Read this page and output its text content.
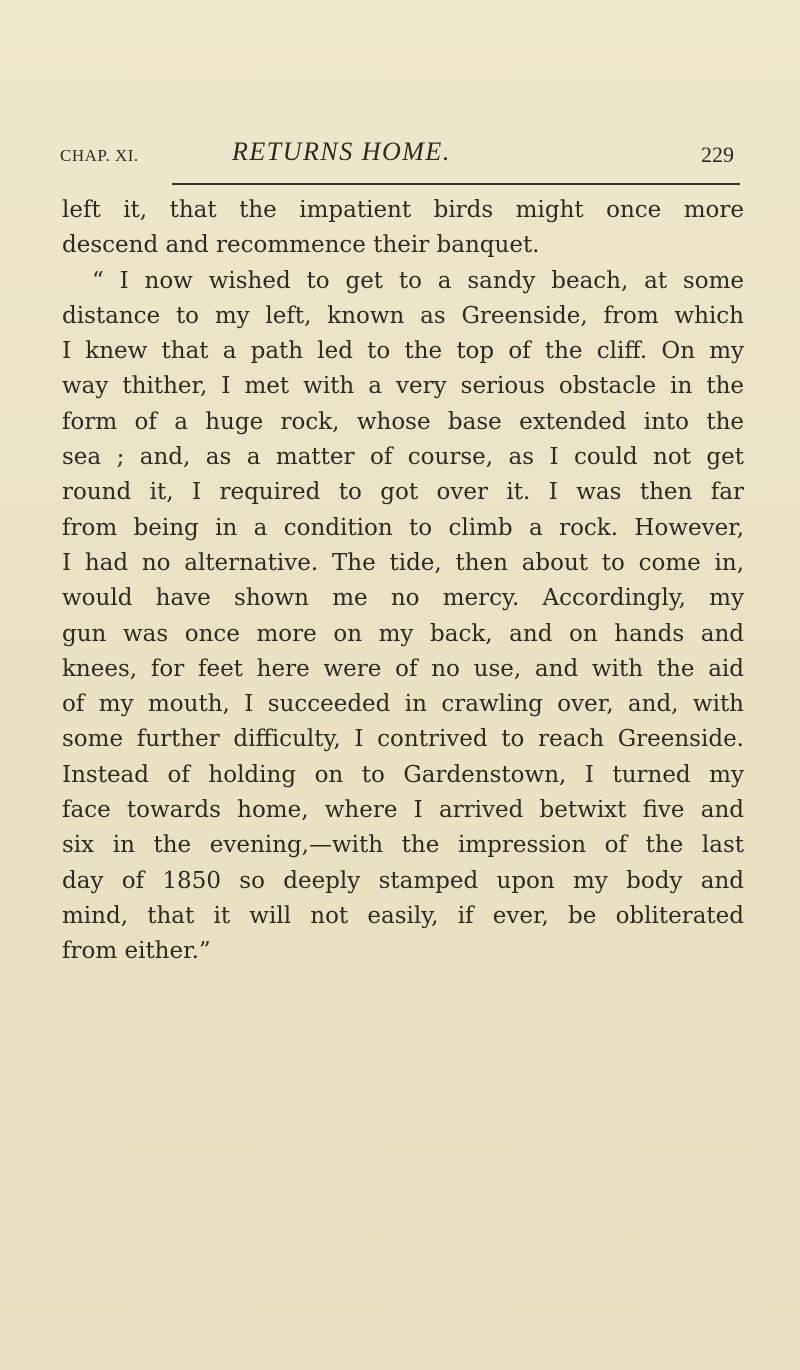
CHAP. XI.	RETURNS HOME.	229
left it, that the impatient birds might once more
descend and recommence their banquet.
“ I now wished to get to a sandy beach, at some
distance to my left, known as Greenside, from which
I knew that a path led to the top of the cliff. On my
way thither, I met with a very serious obstacle in the
form of a huge rock, whose base extended into the
sea ; and, as a matter of course, as I could not get
round it, I required to got over it. I was then far
from being in a condition to climb a rock. However,
I had no alternative. The tide, then about to come in,
would have shown me no mercy. Accordingly, my
gun was once more on my back, and on hands and
knees, for feet here were of no use, and with the aid
of my mouth, I succeeded in crawling over, and, with
some further difficulty, I contrived to reach Greenside.
Instead of holding on to Gardenstown, I turned my
face towards home, where I arrived betwixt five and
six in the evening,—with the impression of the last
day of 1850 so deeply stamped upon my body and
mind, that it will not easily, if ever, be obliterated
from either.”
